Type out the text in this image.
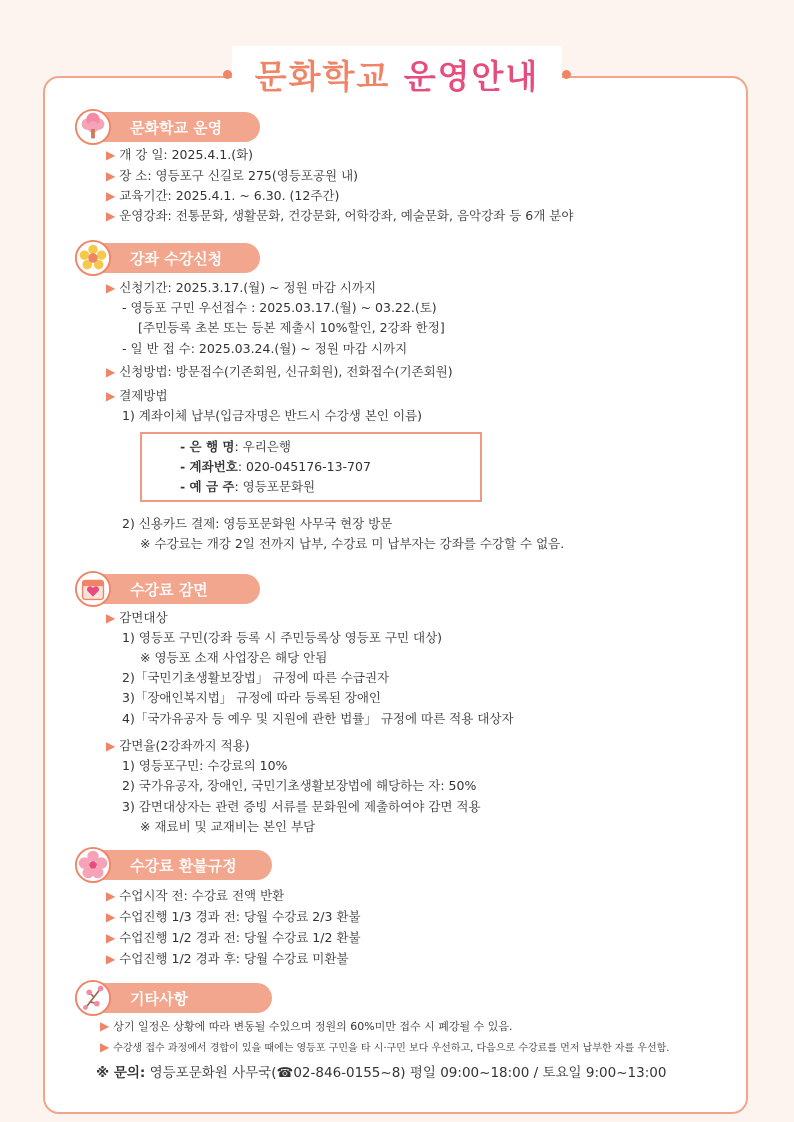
문화학교 운영안내
문화학교 운영
▶ 개 강 일: 2025.4.1.(화)
▶ 장 소: 영등포구 신길로 275(영등포공원 내)
▶ 교육기간: 2025.4.1. ~ 6.30. (12주간)
▶ 운영강좌: 전통문화, 생활문화, 건강문화, 어학강좌, 예술문화, 음악강좌 등 6개 분야
강좌 수강신청
▶ 신청기간: 2025.3.17.(월) ~ 정원 마감 시까지
- 영등포 구민 우선접수 : 2025.03.17.(월) ~ 03.22.(토)
[주민등록 초본 또는 등본 제출시 10%할인, 2강좌 한정]
- 일 반 접 수: 2025.03.24.(월) ~ 정원 마감 시까지
▶ 신청방법: 방문접수(기존회원, 신규회원), 전화접수(기존회원)
▶ 결제방법
1) 계좌이체 납부(입금자명은 반드시 수강생 본인 이름)
- 은 행 명: 우리은행
- 계좌번호: 020-045176-13-707
- 예 금 주: 영등포문화원
2) 신용카드 결제: 영등포문화원 사무국 현장 방문
※ 수강료는 개강 2일 전까지 납부, 수강료 미 납부자는 강좌를 수강할 수 없음.
수강료 감면
▶ 감면대상
1) 영등포 구민(강좌 등록 시 주민등록상 영등포 구민 대상)
※ 영등포 소재 사업장은 해당 안됨
2)「국민기초생활보장법」 규정에 따른 수급권자
3)「장애인복지법」 규정에 따라 등록된 장애인
4)「국가유공자 등 예우 및 지원에 관한 법률」 규정에 따른 적용 대상자
▶ 감면율(2강좌까지 적용)
1) 영등포구민: 수강료의 10%
2) 국가유공자, 장애인, 국민기초생활보장법에 해당하는 자: 50%
3) 감면대상자는 관련 증빙 서류를 문화원에 제출하여야 감면 적용
※ 재료비 및 교재비는 본인 부담
수강료 환불규정
▶ 수업시작 전: 수강료 전액 반환
▶ 수업진행 1/3 경과 전: 당월 수강료 2/3 환불
▶ 수업진행 1/2 경과 전: 당월 수강료 1/2 환불
▶ 수업진행 1/2 경과 후: 당월 수강료 미환불
기타사항
▶ 상기 일정은 상황에 따라 변동될 수있으며 정원의 60%미만 접수 시 폐강될 수 있음.
▶ 수강생 접수 과정에서 경합이 있을 때에는 영등포 구민을 타 시·구민 보다 우선하고, 다음으로 수강료를 먼저 납부한 자를 우선함.
※ 문의: 영등포문화원 사무국(☎02-846-0155~8) 평일 09:00~18:00 / 토요일 9:00~13:00
